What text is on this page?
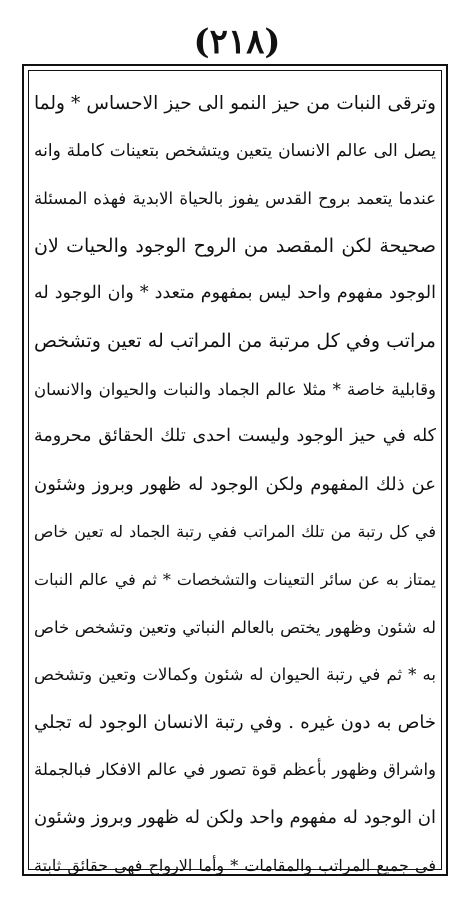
(٢١٨)
وترقى النبات من حيز النمو الى حيز الاحساس * ولما
يصل الى عالم الانسان يتعين ويتشخص بتعينات كاملة وانه
عندما يتعمد بروح القدس يفوز بالحياة الابدية فهذه المسئلة
صحيحة لكن المقصد من الروح الوجود والحيات لان
الوجود مفهوم واحد ليس بمفهوم متعدد * وان الوجود له
مراتب وفي كل مرتبة من المراتب له تعين وتشخص
وقابلية خاصة * مثلا عالم الجماد والنبات والحيوان والانسان
كله في حيز الوجود وليست احدى تلك الحقائق محرومة
عن ذلك المفهوم ولكن الوجود له ظهور وبروز وشئون
في كل رتبة من تلك المراتب ففي رتبة الجماد له تعين خاص
يمتاز به عن سائر التعينات والتشخصات * ثم في عالم النبات
له شئون وظهور يختص بالعالم النباتي وتعين وتشخص خاص
به * ثم في رتبة الحيوان له شئون وكمالات وتعين وتشخص
خاص به دون غيره . وفي رتبة الانسان الوجود له تجلي
واشراق وظهور بأعظم قوة تصور في عالم الافكار فبالجملة
ان الوجود له مفهوم واحد ولكن له ظهور وبروز وشئون
في جميع المراتب والمقامات * وأما الارواح فهي حقائق ثابتة
